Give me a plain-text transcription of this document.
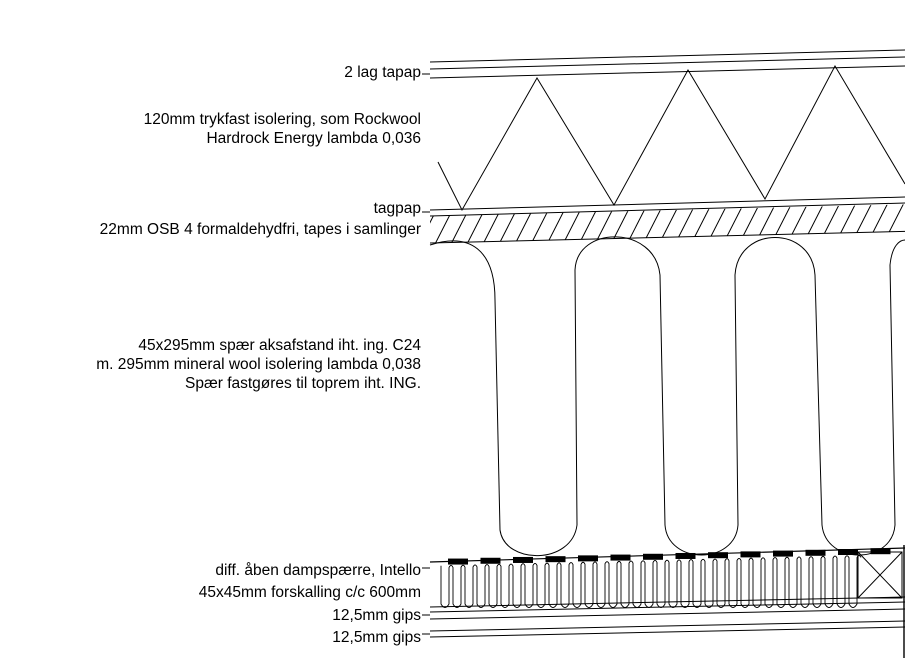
2 lag tapap
120mm trykfast isolering, som Rockwool
Hardrock Energy lambda 0,036
tagpap
22mm OSB 4 formaldehydfri, tapes i samlinger
45x295mm spær aksafstand iht. ing. C24
m. 295mm mineral wool isolering lambda 0,038
Spær fastgøres til toprem iht. ING.
diff. åben dampspærre, Intello
45x45mm forskalling c/c 600mm
12,5mm gips
12,5mm gips
